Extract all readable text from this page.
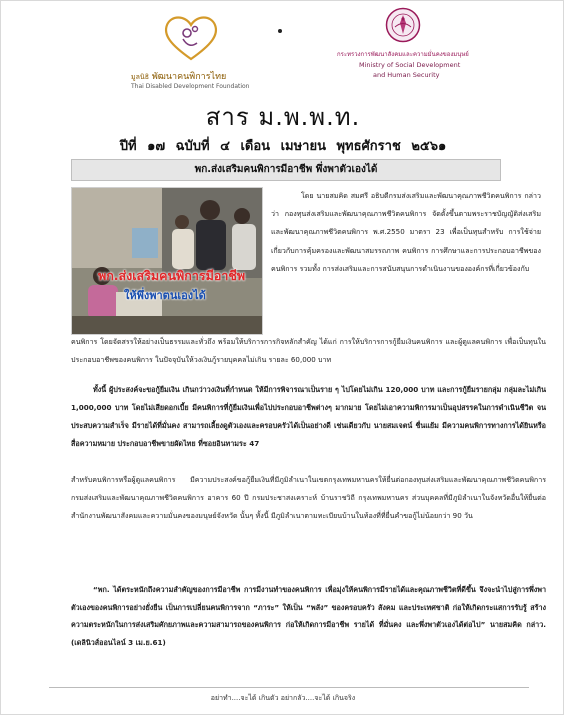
มูลนิธิ พัฒนาคนพิการไทย
Thai Disabled Development Foundation
กระทรวงการพัฒนาสังคมและความมั่นคงของมนุษย์
Ministry of Social Development
and Human Security
สาร ม.พ.พ.ท.
ปีที่ ๑๗ ฉบับที่ ๔ เดือน เมษายน พุทธศักราช ๒๕๖๑
พก.ส่งเสริมคนพิการมีอาชีพ พึ่งพาตัวเองได้
พก.ส่งเสริมคนพิการมีอาชีพ
ให้พึ่งพาตนเองได้
โดย นายสมคิด สมศรี อธิบดีกรมส่งเสริมและพัฒนาคุณภาพชีวิตคนพิการ กล่าวว่า กองทุนส่งเสริมและพัฒนาคุณภาพชีวิตคนพิการ จัดตั้งขึ้นตามพระราชบัญญัติส่งเสริมและพัฒนาคุณภาพชีวิตคนพิการ พ.ศ.2550 มาตรา 23 เพื่อเป็นทุนสำหรับ การใช้จ่ายเกี่ยวกับการคุ้มครองและพัฒนาสมรรถภาพ คนพิการ การศึกษาและการประกอบอาชีพของคนพิการ รวมทั้ง การส่งเสริมและการสนับสนุนการดำเนินงานขององค์กรที่เกี่ยวข้องกับ
คนพิการ โดยจัดสรรให้อย่างเป็นธรรมและทั่วถึง พร้อมให้บริการการกิจหลักสำคัญ ได้แก่ การให้บริการการกู้ยืมเงินคนพิการ และผู้ดูแลคนพิการ เพื่อเป็นทุนในประกอบอาชีพของคนพิการ ในปัจจุบันให้วงเงินกู้รายบุคคลไม่เกิน รายละ 60,000 บาท
ทั้งนี้ ผู้ประสงค์จะขอกู้ยืมเงิน เกินกว่าวงเงินที่กำหนด ให้มีการพิจารณาเป็นราย ๆ ไปโดยไม่เกิน 120,000 บาท และการกู้ยืมรายกลุ่ม กลุ่มละไม่เกิน 1,000,000 บาท โดยไม่เสียดอกเบี้ย มีคนพิการที่กู้ยืมเงินเพื่อไปประกอบอาชีพต่างๆ มากมาย โดยไม่เอาความพิการมาเป็นอุปสรรคในการดำเนินชีวิต จนประสบความสำเร็จ มีรายได้ที่มั่นคง สามารถเลี้ยงดูตัวเองและครอบครัวได้เป็นอย่างดี เช่นเดียวกับ นายสมเจตน์ ชื่นแย้ม มีความคนพิการทางการได้ยินหรือสื่อความหมาย ประกอบอาชีพขายผัดไทย ที่ซอยอินทามระ 47
สำหรับคนพิการหรือผู้ดูแลคนพิการ มีความประสงค์ขอกู้ยืมเงินที่มีภูมิลำเนาในเขตกรุงเทพมหานครให้ยื่นต่อกองทุนส่งเสริมและพัฒนาคุณภาพชีวิตคนพิการ กรมส่งเสริมและพัฒนาคุณภาพชีวิตคนพิการ อาคาร 60 ปี กรมประชาสงเคราะห์ บ้านราชวิถี กรุงเทพมหานคร ส่วนบุคคลที่มีภูมิลำเนาในจังหวัดอื่นให้ยื่นต่อสำนักงานพัฒนาสังคมและความมั่นคงของมนุษย์จังหวัด นั้นๆ ทั้งนี้ มีภูมิลำเนาตามทะเบียนบ้านในท้องที่ที่ยื่นคำขอกู้ไม่น้อยกว่า 90 วัน
“พก. ได้ตระหนักถึงความสำคัญของการมีอาชีพ การมีงานทำของคนพิการ เพื่อมุ่งให้คนพิการมีรายได้และคุณภาพชีวิตที่ดีขึ้น จึงจะนำไปสู่การพึ่งพาตัวเองของคนพิการอย่างยั่งยืน เป็นการเปลี่ยนคนพิการจาก “ภาระ” ให้เป็น “พลัง” ของครอบครัว สังคม และประเทศชาติ ก่อให้เกิดกระแสการรับรู้ สร้างความตระหนักในการส่งเสริมศักยภาพและความสามารถของคนพิการ ก่อให้เกิดการมีอาชีพ รายได้ ที่มั่นคง และพึ่งพาตัวเองได้ต่อไป” นายสมคิด กล่าว.(เดลินิวส์ออนไลน์ 3 เม.ย.61)
อย่าทำ....จะได้ เกินตัว อย่ากลัว....จะได้ เกินจริง
